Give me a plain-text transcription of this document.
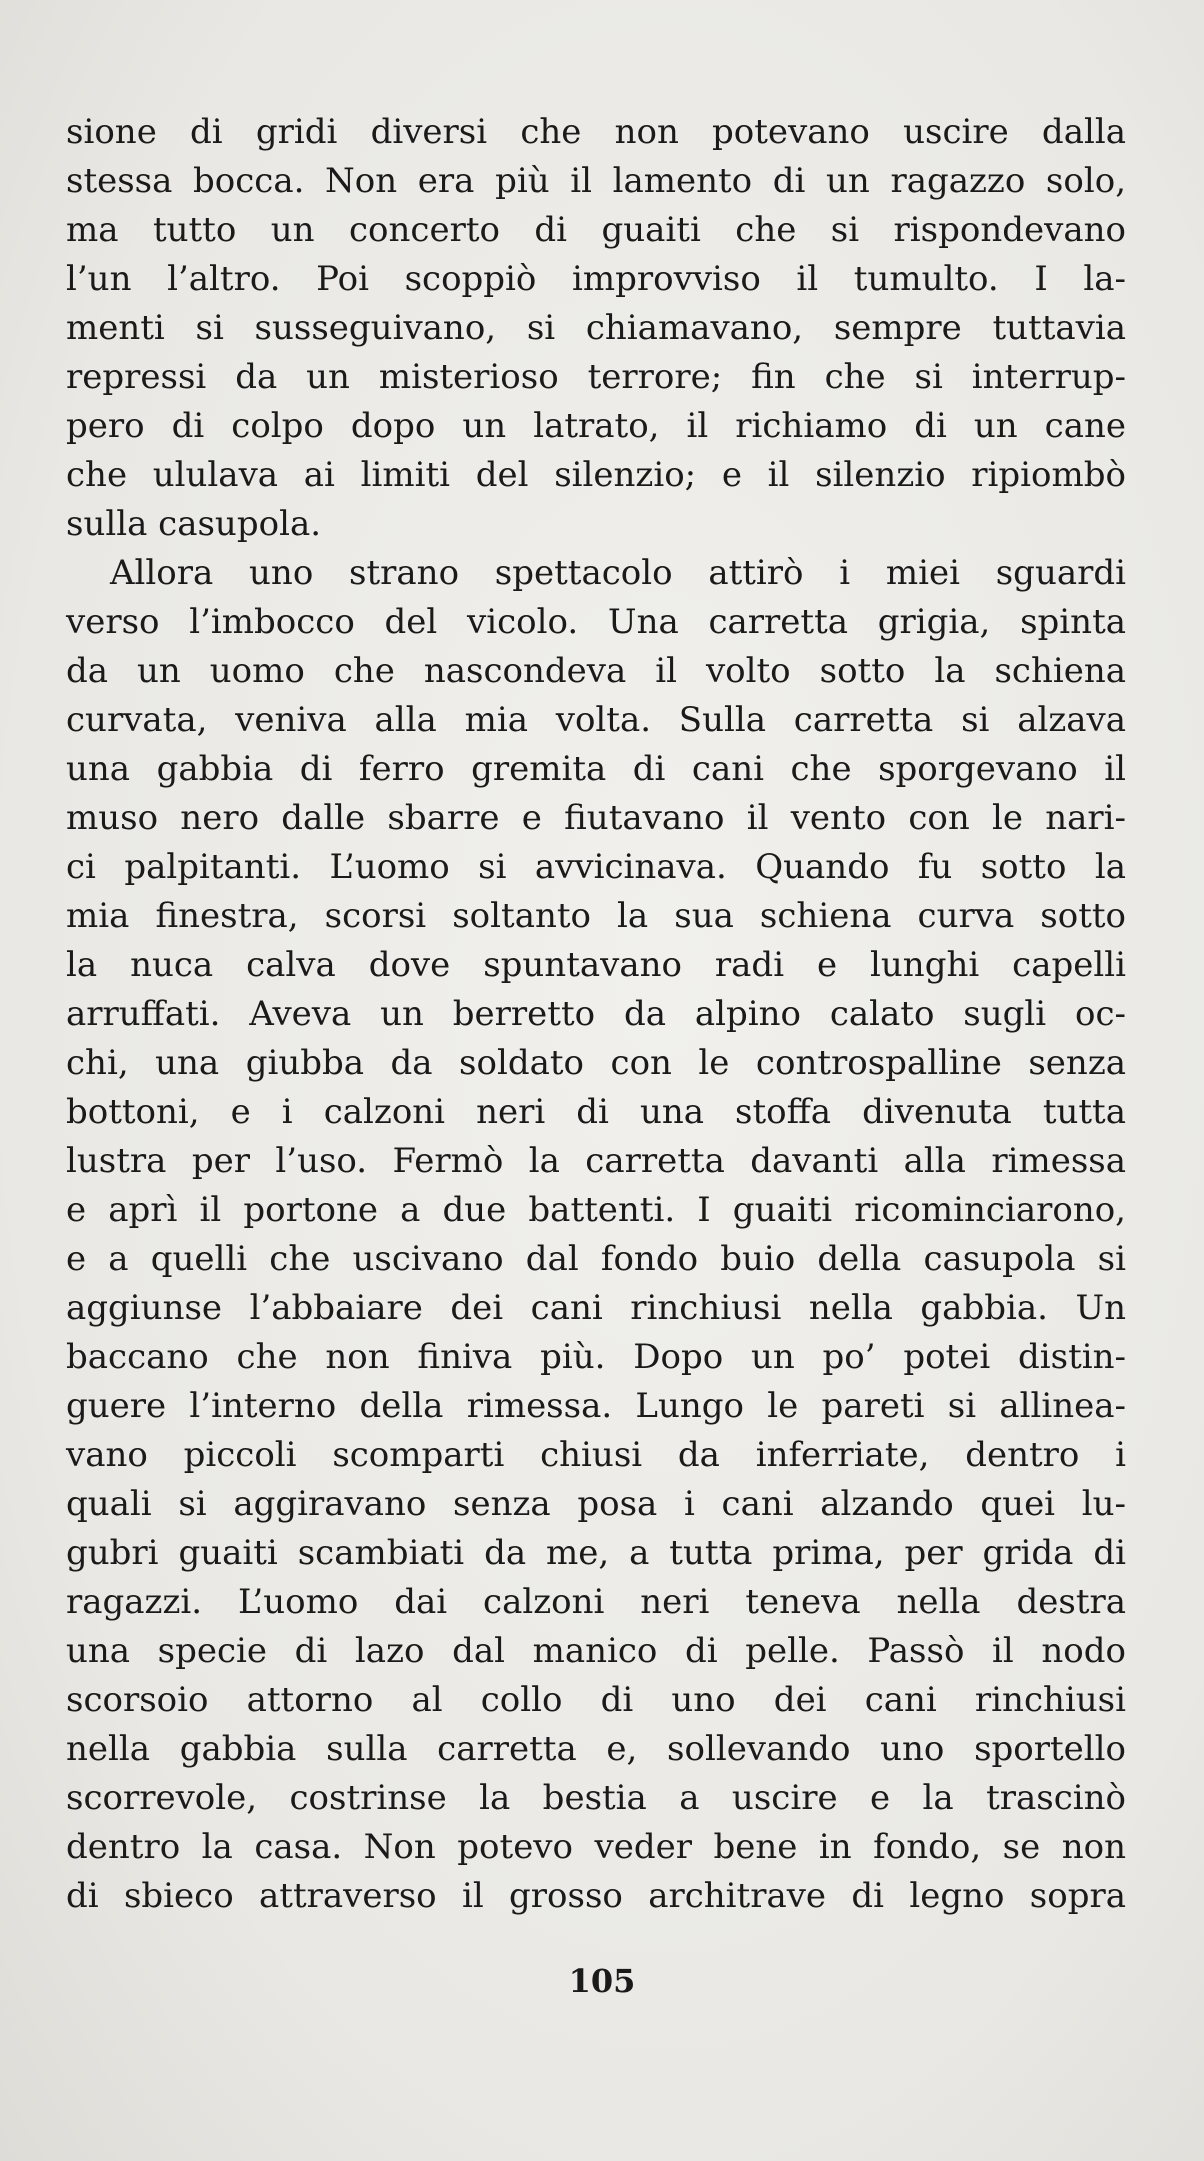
sione di gridi diversi che non potevano uscire dalla
stessa bocca. Non era più il lamento di un ragazzo solo,
ma tutto un concerto di guaiti che si rispondevano
l’un l’altro. Poi scoppiò improvviso il tumulto. I la-
menti si susseguivano, si chiamavano, sempre tuttavia
repressi da un misterioso terrore; fin che si interrup-
pero di colpo dopo un latrato, il richiamo di un cane
che ululava ai limiti del silenzio; e il silenzio ripiombò
sulla casupola.
Allora uno strano spettacolo attirò i miei sguardi
verso l’imbocco del vicolo. Una carretta grigia, spinta
da un uomo che nascondeva il volto sotto la schiena
curvata, veniva alla mia volta. Sulla carretta si alzava
una gabbia di ferro gremita di cani che sporgevano il
muso nero dalle sbarre e fiutavano il vento con le nari-
ci palpitanti. L’uomo si avvicinava. Quando fu sotto la
mia finestra, scorsi soltanto la sua schiena curva sotto
la nuca calva dove spuntavano radi e lunghi capelli
arruffati. Aveva un berretto da alpino calato sugli oc-
chi, una giubba da soldato con le controspalline senza
bottoni, e i calzoni neri di una stoffa divenuta tutta
lustra per l’uso. Fermò la carretta davanti alla rimessa
e aprì il portone a due battenti. I guaiti ricominciarono,
e a quelli che uscivano dal fondo buio della casupola si
aggiunse l’abbaiare dei cani rinchiusi nella gabbia. Un
baccano che non finiva più. Dopo un po’ potei distin-
guere l’interno della rimessa. Lungo le pareti si allinea-
vano piccoli scomparti chiusi da inferriate, dentro i
quali si aggiravano senza posa i cani alzando quei lu-
gubri guaiti scambiati da me, a tutta prima, per grida di
ragazzi. L’uomo dai calzoni neri teneva nella destra
una specie di lazo dal manico di pelle. Passò il nodo
scorsoio attorno al collo di uno dei cani rinchiusi
nella gabbia sulla carretta e, sollevando uno sportello
scorrevole, costrinse la bestia a uscire e la trascinò
dentro la casa. Non potevo veder bene in fondo, se non
di sbieco attraverso il grosso architrave di legno sopra
105
